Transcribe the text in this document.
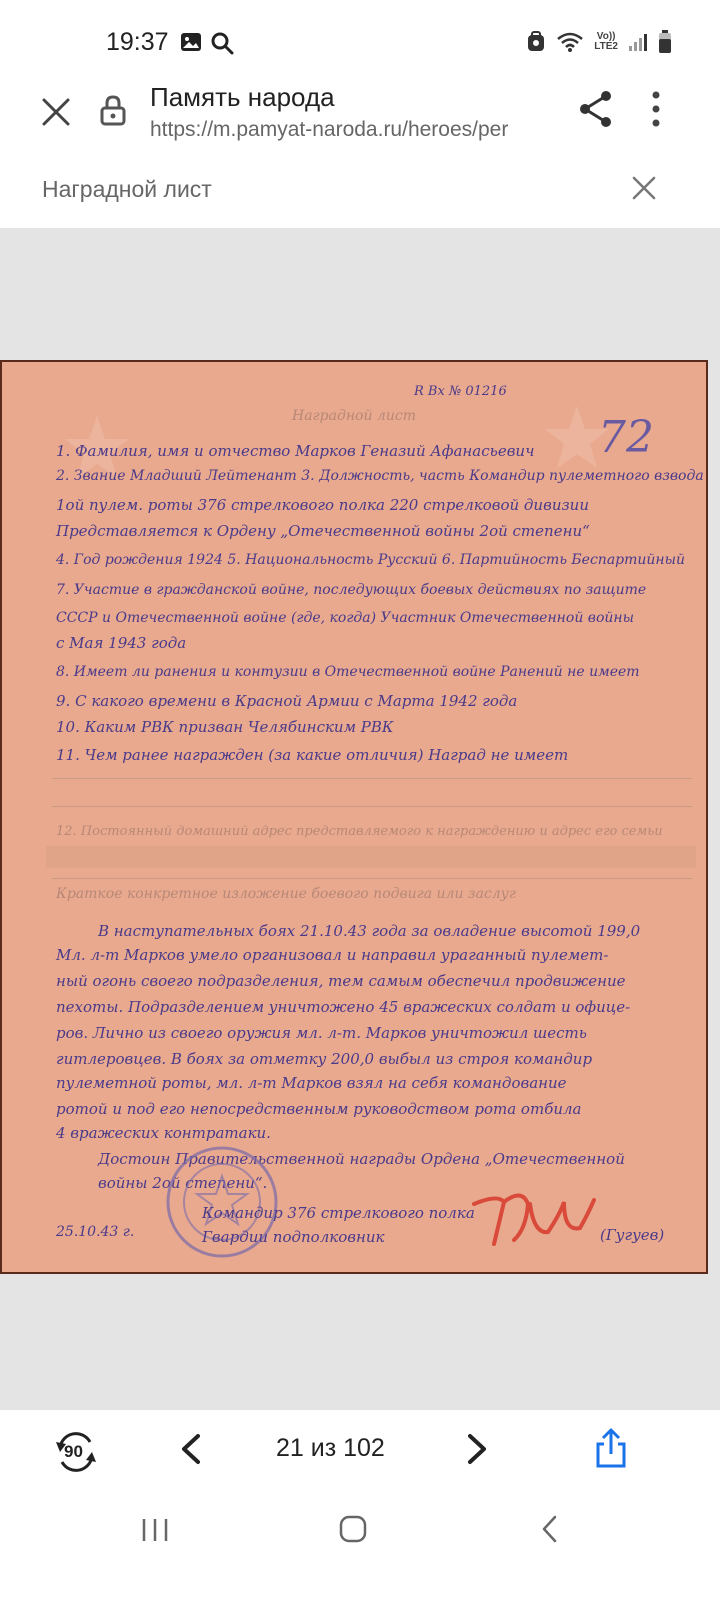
19:37	Vo))
LTE2
Память народа
https://m.pamyat-naroda.ru/heroes/per
Наградной лист
R Вх № 01216
Наградной лист	72
1. Фамилия, имя и отчество Марков Геназий Афанасьевич
2. Звание Младший Лейтенант 3. Должность, часть Командир пулеметного взвода
1ой пулем. роты 376 стрелкового полка 220 стрелковой дивизии
Представляется к Ордену „Отечественной войны 2ой степени“
4. Год рождения 1924 5. Национальность Русский 6. Партийность Беспартийный
7. Участие в гражданской войне, последующих боевых действиях по защите
СССР и Отечественной войне (где, когда) Участник Отечественной войны
с Мая 1943 года
8. Имеет ли ранения и контузии в Отечественной войне Ранений не имеет
9. С какого времени в Красной Армии с Марта 1942 года
10. Каким РВК призван Челябинским РВК
11. Чем ранее награжден (за какие отличия) Наград не имеет
12. Постоянный домашний адрес представляемого к награждению и адрес его семьи
Краткое конкретное изложение боевого подвига или заслуг
В наступательных боях 21.10.43 года за овладение высотой 199,0
Мл. л-т Марков умело организовал и направил ураганный пулемет-
ный огонь своего подразделения, тем самым обеспечил продвижение
пехоты. Подразделением уничтожено 45 вражеских солдат и офице-
ров. Лично из своего оружия мл. л-т. Марков уничтожил шесть
гитлеровцев. В боях за отметку 200,0 выбыл из строя командир
пулеметной роты, мл. л-т Марков взял на себя командование
ротой и под его непосредственным руководством рота отбила
4 вражеских контратаки.
Достоин Правительственной награды Ордена „Отечественной
войны 2ой степени“.
Командир 376 стрелкового полка
Гвардии подполковник	(Гугуев)
25.10.43 г.
90	21 из 102
